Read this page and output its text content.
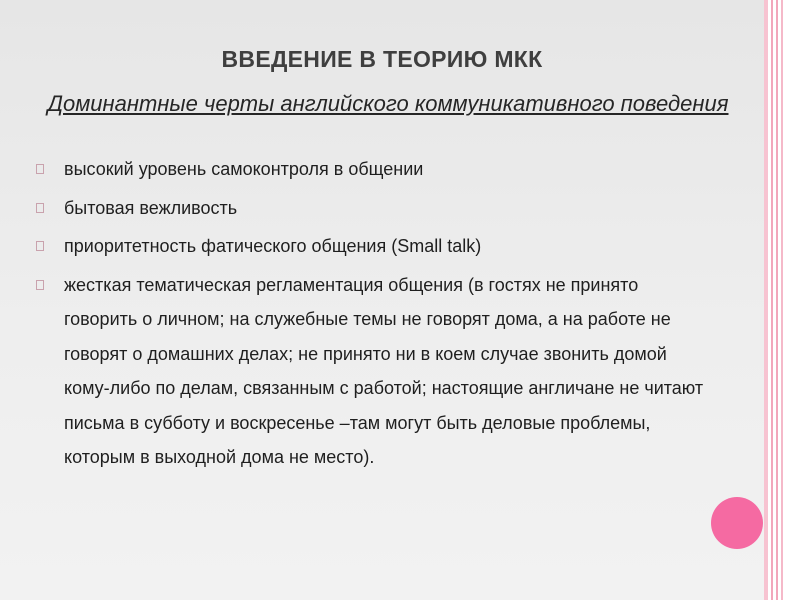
ВВЕДЕНИЕ В ТЕОРИЮ МКК
Доминантные черты английского коммуникативного поведения
высокий уровень самоконтроля в общении
бытовая вежливость
приоритетность фатического общения (Small talk)
жесткая тематическая регламентация общения (в гостях не принято говорить о личном; на служебные темы не говорят дома, а на работе не говорят о домашних делах; не принято ни в коем случае звонить домой кому-либо по делам, связанным с работой; настоящие англичане не читают письма в субботу и воскресенье –там могут быть деловые проблемы, которым в выходной дома не место).
